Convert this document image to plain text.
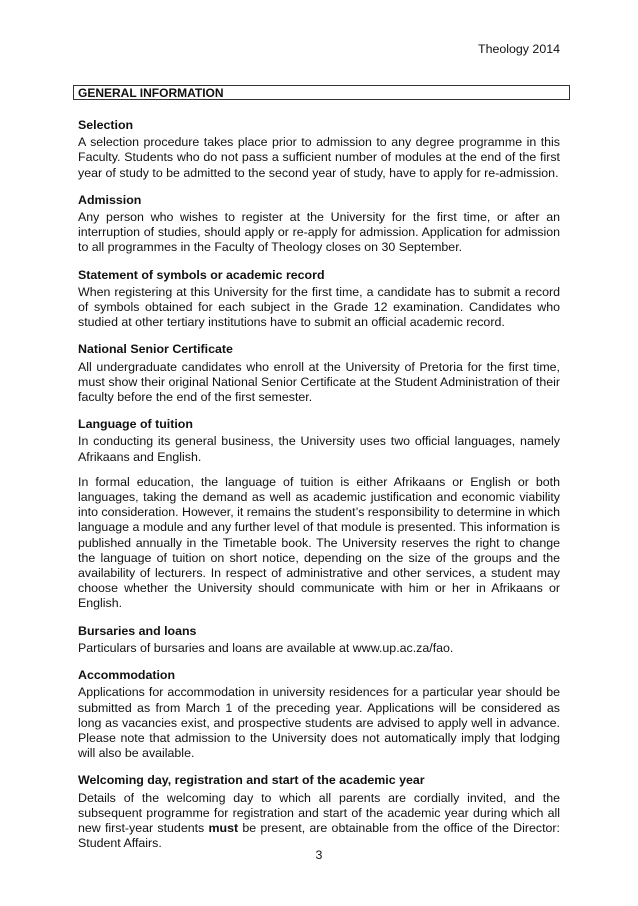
Theology 2014
GENERAL INFORMATION
Selection

A selection procedure takes place prior to admission to any degree programme in this Faculty. Students who do not pass a sufficient number of modules at the end of the first year of study to be admitted to the second year of study, have to apply for re-admission.

Admission

Any person who wishes to register at the University for the first time, or after an interruption of studies, should apply or re-apply for admission. Application for admission to all programmes in the Faculty of Theology closes on 30 September.

Statement of symbols or academic record

When registering at this University for the first time, a candidate has to submit a record of symbols obtained for each subject in the Grade 12 examination. Candidates who studied at other tertiary institutions have to submit an official academic record.

National Senior Certificate

All undergraduate candidates who enroll at the University of Pretoria for the first time, must show their original National Senior Certificate at the Student Administration of their faculty before the end of the first semester.

Language of tuition

In conducting its general business, the University uses two official languages, namely Afrikaans and English.

In formal education, the language of tuition is either Afrikaans or English or both languages, taking the demand as well as academic justification and economic viability into consideration. However, it remains the student’s responsibility to determine in which language a module and any further level of that module is presented. This information is published annually in the Timetable book. The University reserves the right to change the language of tuition on short notice, depending on the size of the groups and the availability of lecturers. In respect of administrative and other services, a student may choose whether the University should communicate with him or her in Afrikaans or English.

Bursaries and loans

Particulars of bursaries and loans are available at www.up.ac.za/fao.

Accommodation

Applications for accommodation in university residences for a particular year should be submitted as from March 1 of the preceding year. Applications will be considered as long as vacancies exist, and prospective students are advised to apply well in advance. Please note that admission to the University does not automatically imply that lodging will also be available.

Welcoming day, registration and start of the academic year

Details of the welcoming day to which all parents are cordially invited, and the subsequent programme for registration and start of the academic year during which all new first-year students must be present, are obtainable from the office of the Director: Student Affairs.

3
